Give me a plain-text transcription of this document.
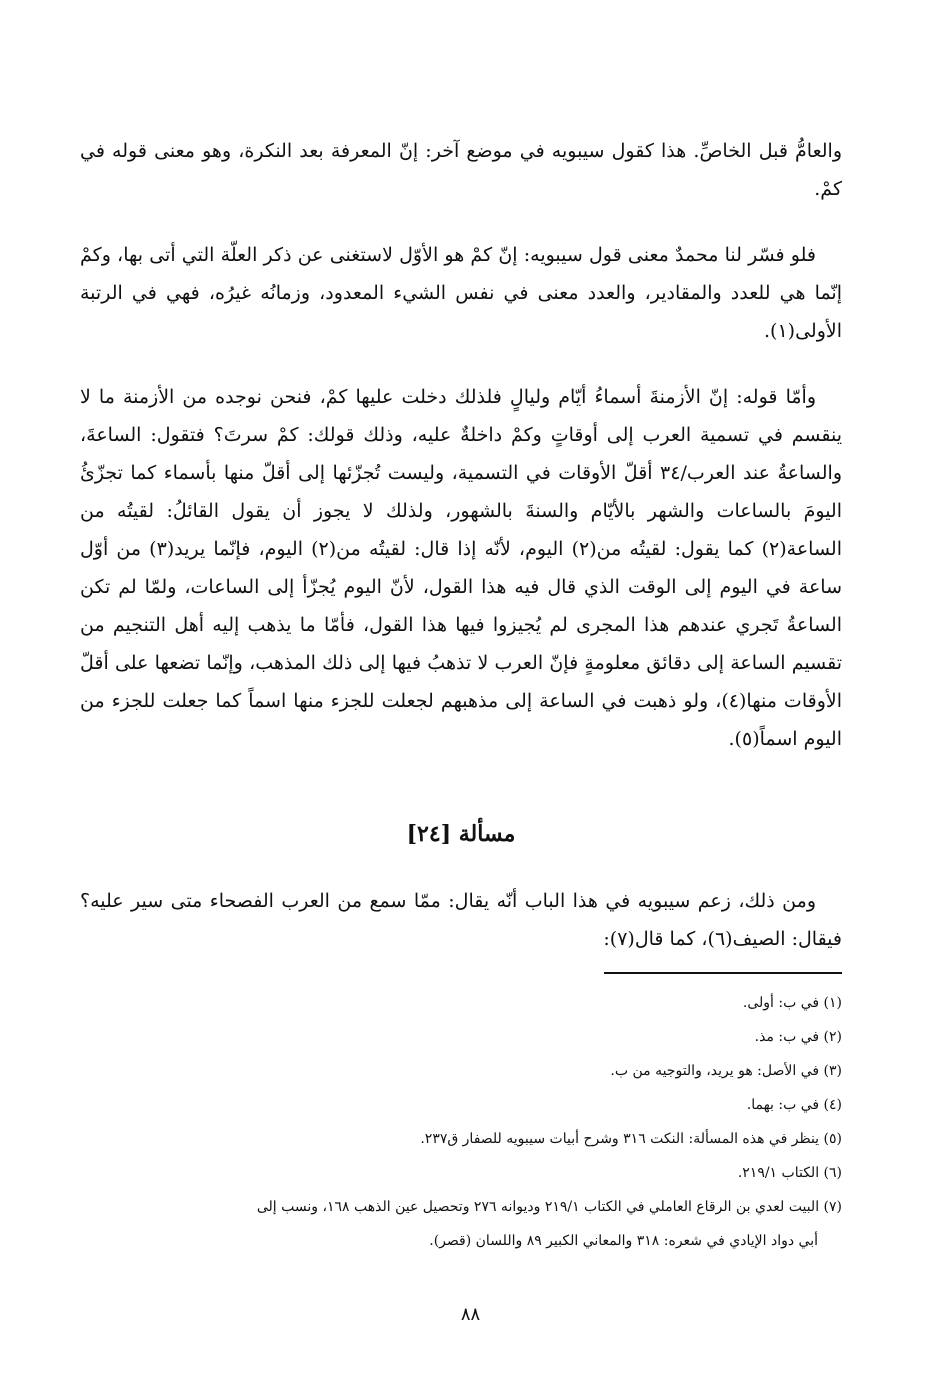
والعامُّ قبل الخاصِّ. هذا كقول سيبويه في موضع آخر: إنّ المعرفة بعد النكرة، وهو معنى قوله في كمْ.

فلو فسّر لنا محمدٌ معنى قول سيبويه: إنّ كمْ هو الأوّل لاستغنى عن ذكر العلّة التي أتى بها، وكمْ إنّما هي للعدد والمقادير، والعدد معنى في نفس الشيء المعدود، وزمانُه غيرُه، فهي في الرتبة الأولى(١).

وأمّا قوله: إنّ الأزمنةَ أسماءُ أيّام وليالٍ فلذلك دخلت عليها كمْ، فنحن نوجده من الأزمنة ما لا ينقسم في تسمية العرب إلى أوقاتٍ وكمْ داخلةٌ عليه، وذلك قولك: كمْ سرتَ؟ فتقول: الساعةَ، والساعةُ عند العرب/٣٤ أقلّ الأوقات في التسمية، وليست تُجزّئها إلى أقلّ منها بأسماء كما تجزّئُ اليومَ بالساعات والشهر بالأيّام والسنةَ بالشهور، ولذلك لا يجوز أن يقول القائلُ: لقيتُه من الساعة(٢) كما يقول: لقيتُه من(٢) اليوم، لأنّه إذا قال: لقيتُه من(٢) اليوم، فإنّما يريد(٣) من أوّل ساعة في اليوم إلى الوقت الذي قال فيه هذا القول، لأنّ اليوم يُجزّأ إلى الساعات، ولمّا لم تكن الساعةُ تَجري عندهم هذا المجرى لم يُجيزوا فيها هذا القول، فأمّا ما يذهب إليه أهل التنجيم من تقسيم الساعة إلى دقائق معلومةٍ فإنّ العرب لا تذهبُ فيها إلى ذلك المذهب، وإنّما تضعها على أقلّ الأوقات منها(٤)، ولو ذهبت في الساعة إلى مذهبهم لجعلت للجزء منها اسماً كما جعلت للجزء من اليوم اسماً(٥).

مسألة [٢٤]

ومن ذلك، زعم سيبويه في هذا الباب أنّه يقال: ممّا سمع من العرب الفصحاء متى سير عليه؟ فيقال: الصيف(٦)، كما قال(٧):

(١) في ب: أولى.

(٢) في ب: مذ.

(٣) في الأصل: هو يريد، والتوجيه من ب.

(٤) في ب: بهما.

(٥) ينظر في هذه المسألة: النكت ٣١٦ وشرح أبيات سيبويه للصفار ق٢٣٧.

(٦) الكتاب ٢١٩/١.

(٧) البيت لعدي بن الرقاع العاملي في الكتاب ٢١٩/١ وديوانه ٢٧٦ وتحصيل عين الذهب ١٦٨، ونسب إلى

أبي دواد الإيادي في شعره: ٣١٨ والمعاني الكبير ٨٩ واللسان (قصر).

٨٨
